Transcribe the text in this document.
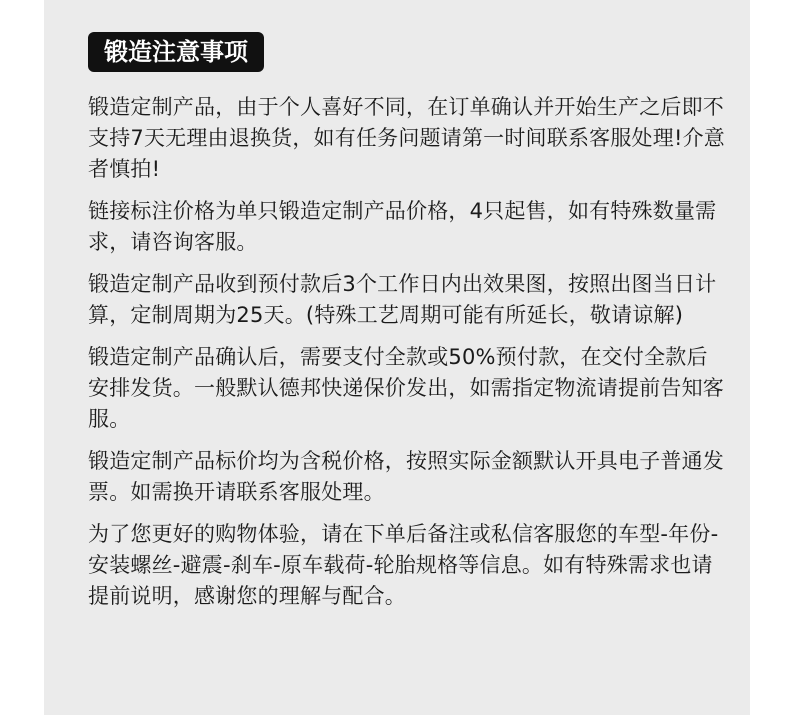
锻造注意事项

锻造定制产品，由于个人喜好不同，在订单确认并开始生产之后即不支持7天无理由退换货，如有任务问题请第一时间联系客服处理!介意者慎拍!

链接标注价格为单只锻造定制产品价格，4只起售，如有特殊数量需求，请咨询客服。

锻造定制产品收到预付款后3个工作日内出效果图，按照出图当日计算，定制周期为25天。(特殊工艺周期可能有所延长，敬请谅解)

锻造定制产品确认后，需要支付全款或50%预付款，在交付全款后安排发货。一般默认德邦快递保价发出，如需指定物流请提前告知客服。

锻造定制产品标价均为含税价格，按照实际金额默认开具电子普通发票。如需换开请联系客服处理。

为了您更好的购物体验，请在下单后备注或私信客服您的车型-年份-安装螺丝-避震-刹车-原车载荷-轮胎规格等信息。如有特殊需求也请提前说明，感谢您的理解与配合。
